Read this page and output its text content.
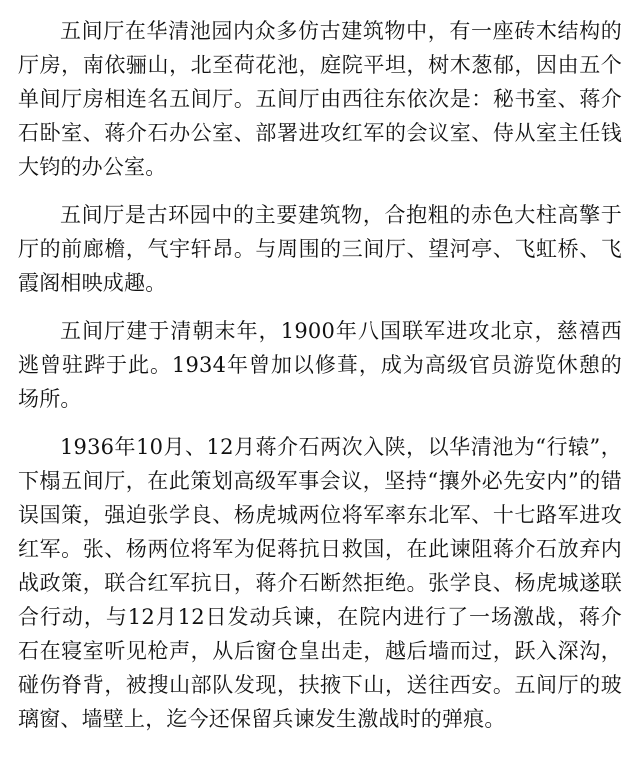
五间厅在华清池园内众多仿古建筑物中，有一座砖木结构的厅房，南依骊山，北至荷花池，庭院平坦，树木葱郁，因由五个单间厅房相连名五间厅。五间厅由西往东依次是：秘书室、蒋介石卧室、蒋介石办公室、部署进攻红军的会议室、侍从室主任钱大钧的办公室。

五间厅是古环园中的主要建筑物，合抱粗的赤色大柱高擎于厅的前廊檐，气宇轩昂。与周围的三间厅、望河亭、飞虹桥、飞霞阁相映成趣。

五间厅建于清朝末年，1900年八国联军进攻北京，慈禧西逃曾驻跸于此。1934年曾加以修葺，成为高级官员游览休憩的场所。

1936年10月、12月蒋介石两次入陕，以华清池为“行辕”，下榻五间厅，在此策划高级军事会议，坚持“攘外必先安内”的错误国策，强迫张学良、杨虎城两位将军率东北军、十七路军进攻红军。张、杨两位将军为促蒋抗日救国，在此谏阻蒋介石放弃内战政策，联合红军抗日，蒋介石断然拒绝。张学良、杨虎城遂联合行动，与12月12日发动兵谏，在院内进行了一场激战，蒋介石在寝室听见枪声，从后窗仓皇出走，越后墙而过，跃入深沟，碰伤脊背，被搜山部队发现，扶掖下山，送往西安。五间厅的玻璃窗、墙壁上，迄今还保留兵谏发生激战时的弹痕。
